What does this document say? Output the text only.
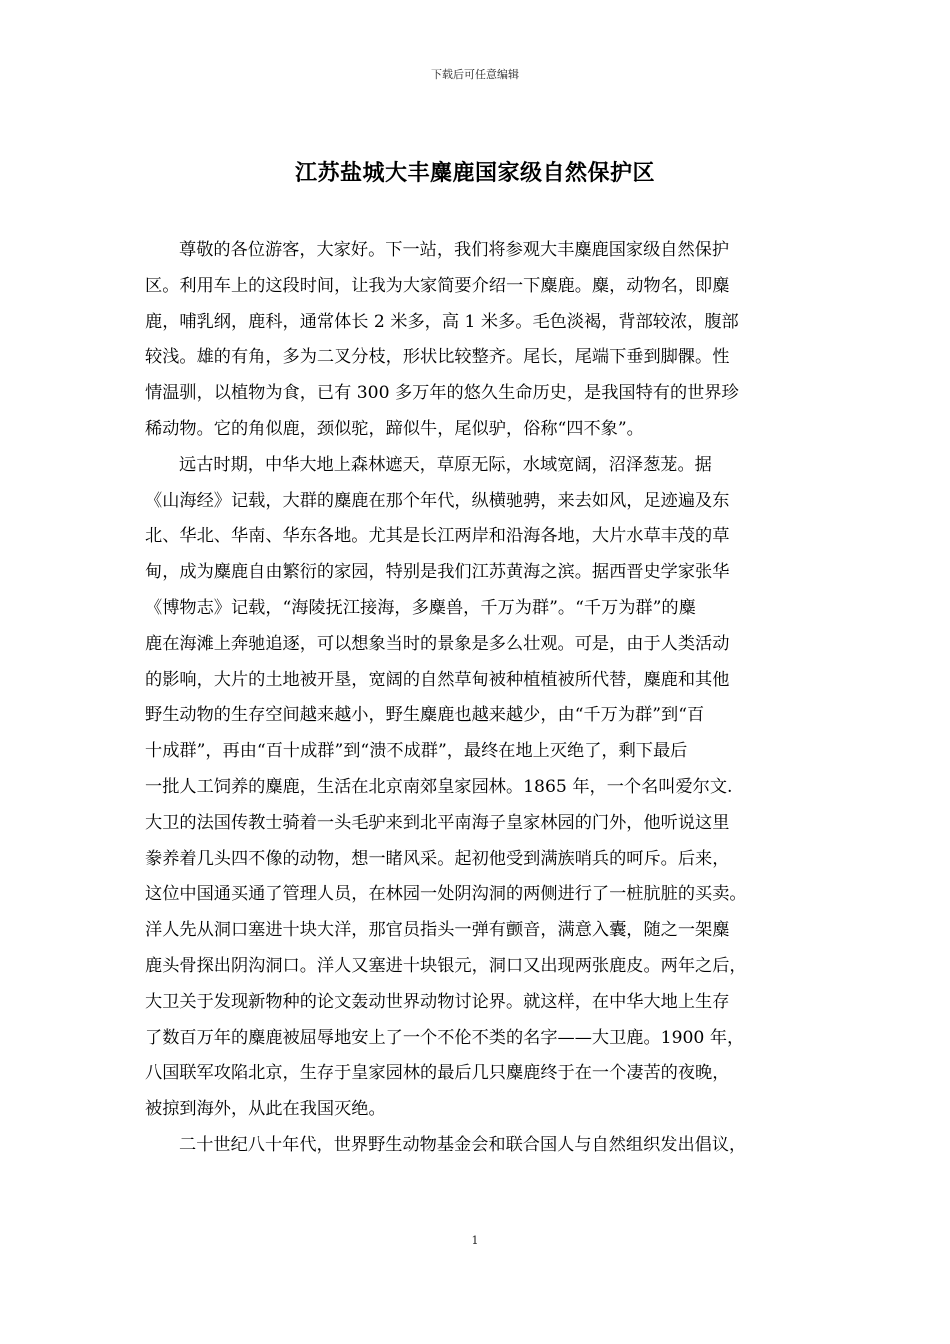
下载后可任意编辑
江苏盐城大丰麋鹿国家级自然保护区
尊敬的各位游客，大家好。下一站，我们将参观大丰麋鹿国家级自然保护
区。利用车上的这段时间，让我为大家简要介绍一下麋鹿。麋，动物名，即麋
鹿，哺乳纲，鹿科，通常体长 2 米多，高 1 米多。毛色淡褐，背部较浓，腹部
较浅。雄的有角，多为二叉分枝，形状比较整齐。尾长，尾端下垂到脚髁。性
情温驯，以植物为食，已有 300 多万年的悠久生命历史，是我国特有的世界珍
稀动物。它的角似鹿，颈似驼，蹄似牛，尾似驴，俗称“四不象”。
远古时期，中华大地上森林遮天，草原无际，水域宽阔，沼泽葱茏。据
《山海经》记载，大群的麋鹿在那个年代，纵横驰骋，来去如风，足迹遍及东
北、华北、华南、华东各地。尤其是长江两岸和沿海各地，大片水草丰茂的草
甸，成为麋鹿自由繁衍的家园，特别是我们江苏黄海之滨。据西晋史学家张华
《博物志》记载，“海陵抚江接海，多麋兽，千万为群”。“千万为群”的麋
鹿在海滩上奔驰追逐，可以想象当时的景象是多么壮观。可是，由于人类活动
的影响，大片的土地被开垦，宽阔的自然草甸被种植植被所代替，麋鹿和其他
野生动物的生存空间越来越小，野生麋鹿也越来越少，由“千万为群”到“百
十成群”，再由“百十成群”到“溃不成群”，最终在地上灭绝了，剩下最后
一批人工饲养的麋鹿，生活在北京南郊皇家园林。1865 年，一个名叫爱尔文.
大卫的法国传教士骑着一头毛驴来到北平南海子皇家林园的门外，他听说这里
豢养着几头四不像的动物，想一睹风采。起初他受到满族哨兵的呵斥。后来，
这位中国通买通了管理人员，在林园一处阴沟洞的两侧进行了一桩肮脏的买卖。
洋人先从洞口塞进十块大洋，那官员指头一弹有颤音，满意入囊，随之一架麋
鹿头骨探出阴沟洞口。洋人又塞进十块银元，洞口又出现两张鹿皮。两年之后，
大卫关于发现新物种的论文轰动世界动物讨论界。就这样，在中华大地上生存
了数百万年的麋鹿被屈辱地安上了一个不伦不类的名字——大卫鹿。1900 年，
八国联军攻陷北京，生存于皇家园林的最后几只麋鹿终于在一个凄苦的夜晚，
被掠到海外，从此在我国灭绝。
二十世纪八十年代，世界野生动物基金会和联合国人与自然组织发出倡议，
1
